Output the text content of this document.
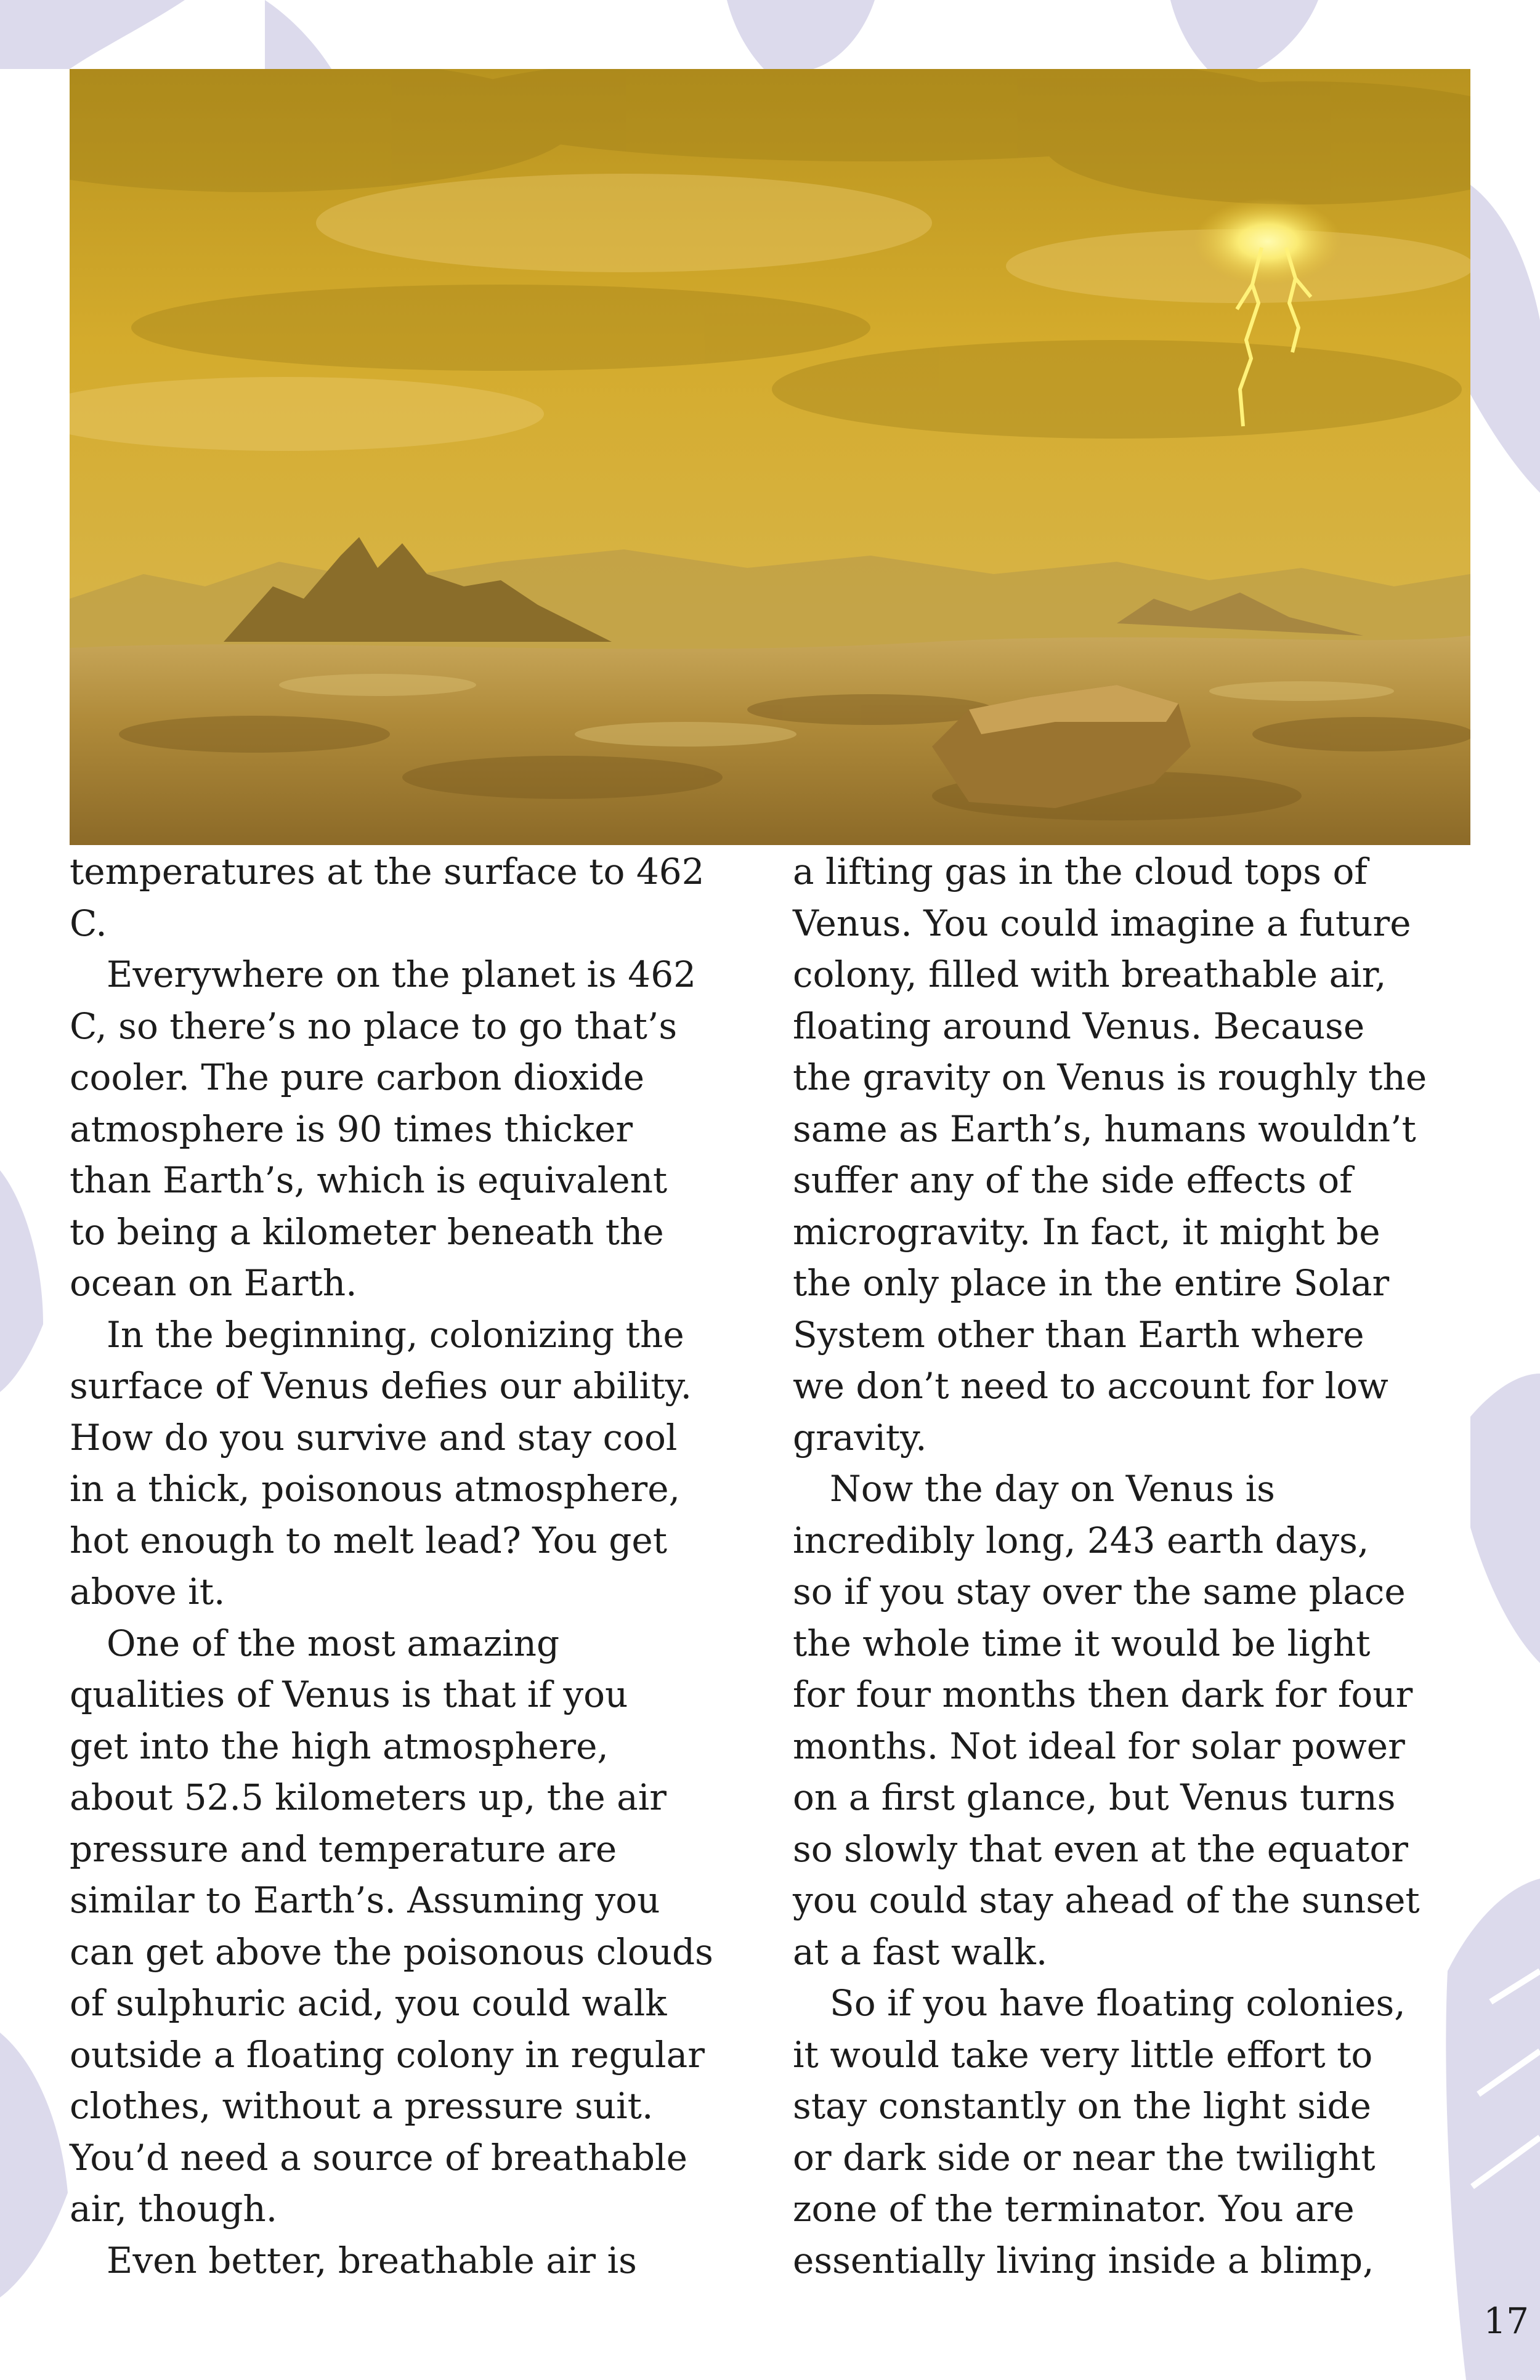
temperatures at the surface to 462
C.

Everywhere on the planet is 462
C, so there’s no place to go that’s
cooler. The pure carbon dioxide
atmosphere is 90 times thicker
than Earth’s, which is equivalent
to being a kilometer beneath the
ocean on Earth.

In the beginning, colonizing the
surface of Venus defies our ability.
How do you survive and stay cool
in a thick, poisonous atmosphere,
hot enough to melt lead? You get
above it.

One of the most amazing
qualities of Venus is that if you
get into the high atmosphere,
about 52.5 kilometers up, the air
pressure and temperature are
similar to Earth’s. Assuming you
can get above the poisonous clouds
of sulphuric acid, you could walk
outside a floating colony in regular
clothes, without a pressure suit.
You’d need a source of breathable
air, though.

Even better, breathable air is

a lifting gas in the cloud tops of
Venus. You could imagine a future
colony, filled with breathable air,
floating around Venus. Because
the gravity on Venus is roughly the
same as Earth’s, humans wouldn’t
suffer any of the side effects of
microgravity. In fact, it might be
the only place in the entire Solar
System other than Earth where
we don’t need to account for low
gravity.

Now the day on Venus is
incredibly long, 243 earth days,
so if you stay over the same place
the whole time it would be light
for four months then dark for four
months. Not ideal for solar power
on a first glance, but Venus turns
so slowly that even at the equator
you could stay ahead of the sunset
at a fast walk.

So if you have floating colonies,
it would take very little effort to
stay constantly on the light side
or dark side or near the twilight
zone of the terminator. You are
essentially living inside a blimp,

17
